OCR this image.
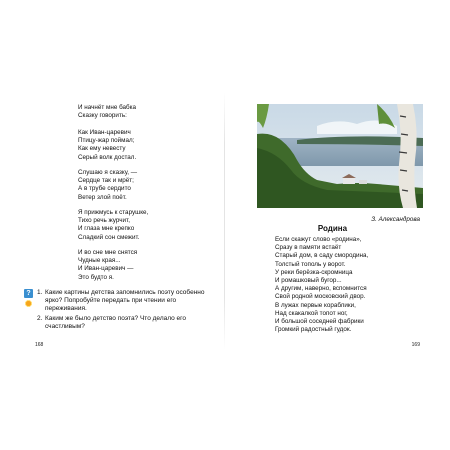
И начнёт мне бабка
Сказку говорить:
Как Иван-царевич
Птицу-жар поймал;
Как ему невесту
Серый волк достал.
Слушаю я сказку, —
Сердце так и мрёт;
А в трубе сердито
Ветер злой поёт.
Я прижмусь к старушке,
Тихо речь журчит,
И глаза мне крепко
Сладкий сон смежит.
И во сне мне снятся
Чудные края...
И Иван-царевич —
Это будто я.
? 1. Какие картины детства запомнились поэту особенно ярко? Попробуйте передать при чтении его переживания.
2. Каким же было детство поэта? Что делало его счастливым?
168
З. Александрова
Родина
Если скажут слово «родина»,
Сразу в памяти встаёт
Старый дом, в саду смородина,
Толстый тополь у ворот.
У реки берёзка-скромница
И ромашковый бугор...
А другим, наверно, вспомнится
Свой родной московский двор.
В лужах первые кораблики,
Над скакалкой топот ног,
И большой соседней фабрики
Громкий радостный гудок.
169
